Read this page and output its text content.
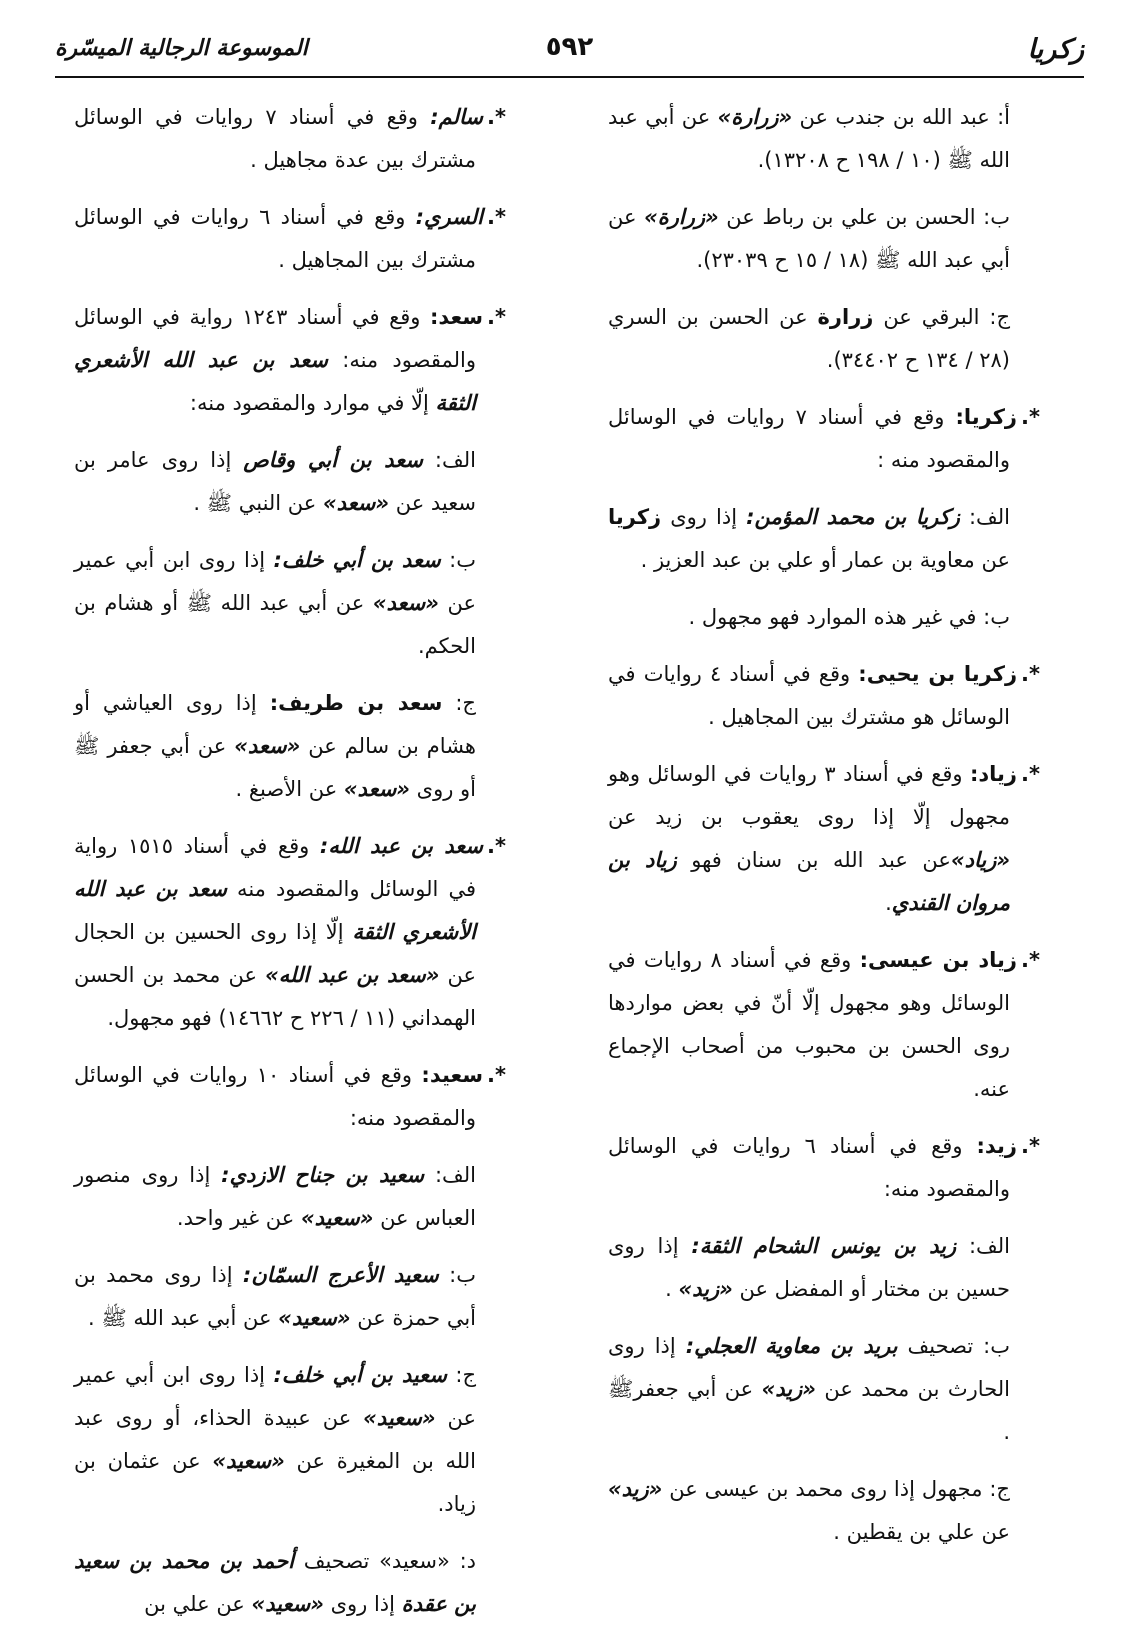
زكريا
٥٩٢
الموسوعة الرجالية الميسّرة

أ: عبد الله بن جندب عن «زرارة» عن أبي عبد الله ﷺ (١٠ / ١٩٨ ح ١٣٢٠٨).

ب: الحسن بن علي بن رباط عن «زرارة» عن أبي عبد الله ﷺ (١٨ / ١٥ ح ٢٣٠٣٩).

ج: البرقي عن زرارة عن الحسن بن السري (٢٨ / ١٣٤ ح ٣٤٤٠٢).

*.زكريا: وقع في أسناد ٧ روايات في الوسائل والمقصود منه :

الف: زكريا بن محمد المؤمن: إذا روى زكريا عن معاوية بن عمار أو علي بن عبد العزيز .

ب: في غير هذه الموارد فهو مجهول .

*.زكريا بن يحيى: وقع في أسناد ٤ روايات في الوسائل هو مشترك بين المجاهيل .

*.زياد: وقع في أسناد ٣ روايات في الوسائل وهو مجهول إلّا إذا روى يعقوب بن زيد عن «زياد»عن عبد الله بن سنان فهو زياد بن مروان القندي.

*.زياد بن عيسى: وقع في أسناد ٨ روايات في الوسائل وهو مجهول إلّا أنّ في بعض مواردها روى الحسن بن محبوب من أصحاب الإجماع عنه.

*.زيد: وقع في أسناد ٦ روايات في الوسائل والمقصود منه:

الف: زيد بن يونس الشحام الثقة: إذا روى حسين بن مختار أو المفضل عن «زيد» .

ب: تصحيف بريد بن معاوية العجلي: إذا روى الحارث بن محمد عن «زيد» عن أبي جعفرﷺ .

ج: مجهول إذا روى محمد بن عيسى عن «زيد» عن علي بن يقطين .

*.سالم: وقع في أسناد ٧ روايات في الوسائل مشترك بين عدة مجاهيل .

*.السري: وقع في أسناد ٦ روايات في الوسائل مشترك بين المجاهيل .

*.سعد: وقع في أسناد ١٢٤٣ رواية في الوسائل والمقصود منه: سعد بن عبد الله الأشعري الثقة إلّا في موارد والمقصود منه:

الف: سعد بن أبي وقاص إذا روى عامر بن سعيد عن «سعد» عن النبي ﷺ .

ب: سعد بن أبي خلف: إذا روى ابن أبي عمير عن «سعد» عن أبي عبد الله ﷺ أو هشام بن الحكم.

ج: سعد بن طريف: إذا روى العياشي أو هشام بن سالم عن «سعد» عن أبي جعفر ﷺ أو روى «سعد» عن الأصبغ .

*.سعد بن عبد الله: وقع في أسناد ١٥١٥ رواية في الوسائل والمقصود منه سعد بن عبد الله الأشعري الثقة إلّا إذا روى الحسين بن الحجال عن «سعد بن عبد الله» عن محمد بن الحسن الهمداني (١١ / ٢٢٦ ح ١٤٦٦٢) فهو مجهول.

*.سعيد: وقع في أسناد ١٠ روايات في الوسائل والمقصود منه:

الف: سعيد بن جناح الازدي: إذا روى منصور العباس عن «سعيد» عن غير واحد.

ب: سعيد الأعرج السمّان: إذا روى محمد بن أبي حمزة عن «سعيد» عن أبي عبد الله ﷺ .

ج: سعيد بن أبي خلف: إذا روى ابن أبي عمير عن «سعيد» عن عبيدة الحذاء، أو روى عبد الله بن المغيرة عن «سعيد» عن عثمان بن زياد.

د: «سعيد» تصحيف أحمد بن محمد بن سعيد بن عقدة إذا روى «سعيد» عن علي بن
